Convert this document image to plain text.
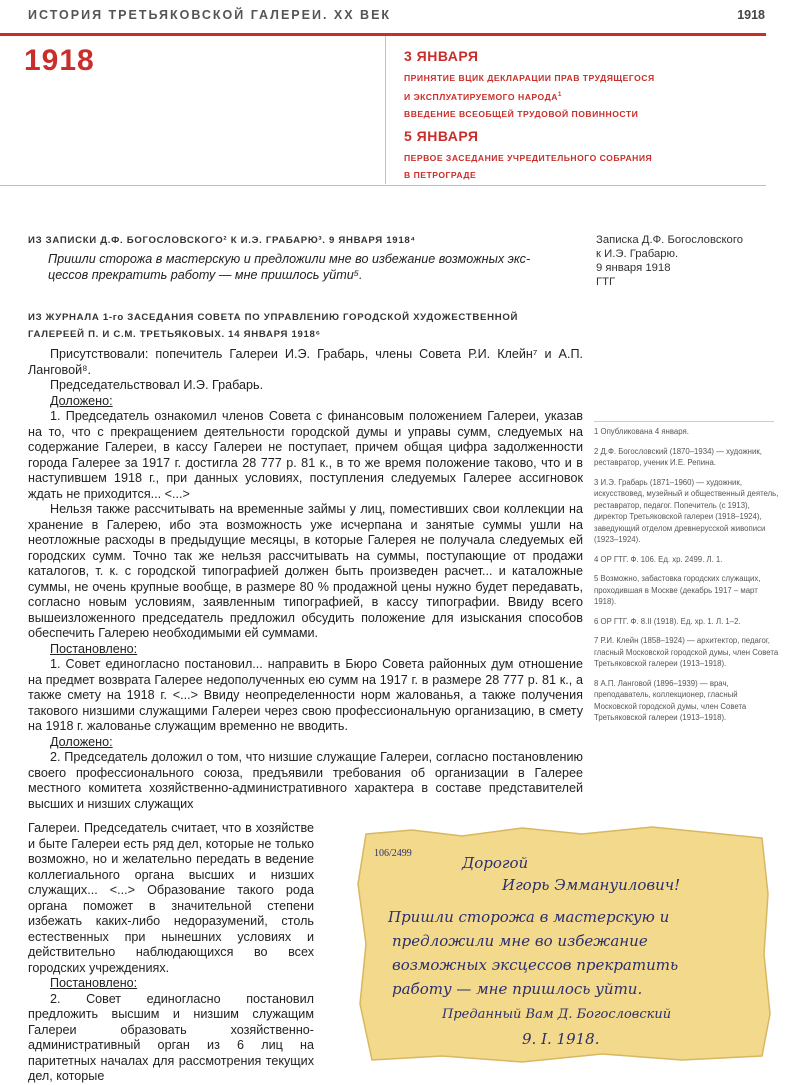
ИСТОРИЯ ТРЕТЬЯКОВСКОЙ ГАЛЕРЕИ. XX ВЕК	1918
1918	3 ЯНВАРЯ
ПРИНЯТИЕ ВЦИК ДЕКЛАРАЦИИ ПРАВ ТРУДЯЩЕГОСЯ
И ЭКСПЛУАТИРУЕМОГО НАРОДА$^1$
ВВЕДЕНИЕ ВСЕОБЩЕЙ ТРУДОВОЙ ПОВИННОСТИ
5 ЯНВАРЯ
ПЕРВОЕ ЗАСЕДАНИЕ УЧРЕДИТЕЛЬНОГО СОБРАНИЯ
В ПЕТРОГРАДЕ
ИЗ ЗАПИСКИ Д.Ф. БОГОСЛОВСКОГО² К И.Э. ГРАБАРЮ³. 9 ЯНВАРЯ 1918⁴
Пришли сторожа в мастерскую и предложили мне во избежание возможных экс-
цессов прекратить работу — мне пришлось уйти⁵.
Записка Д.Ф. Богословского
к И.Э. Грабарю.
9 января 1918
ГТГ
ИЗ ЖУРНАЛА 1-го ЗАСЕДАНИЯ СОВЕТА ПО УПРАВЛЕНИЮ ГОРОДСКОЙ ХУДОЖЕСТВЕННОЙ
ГАЛЕРЕЕЙ П. И С.М. ТРЕТЬЯКОВЫХ. 14 ЯНВАРЯ 1918⁶

Присутствовали: попечитель Галереи И.Э. Грабарь, члены Совета Р.И. Клейн⁷ и А.П. Ланговой⁸.

Председательствовал И.Э. Грабарь.

Доложено:

1. Председатель ознакомил членов Совета с финансовым положением Галереи, указав на то, что с прекращением деятельности городской думы и управы сумм, следуемых на содержание Галереи, в кассу Галереи не поступает, причем общая цифра задолженности города Галерее за 1917 г. достигла 28 777 р. 81 к., в то же время положение таково, что и в наступившем 1918 г., при данных условиях, поступления следуемых Галерее ассигновок ждать не приходится... <...>

Нельзя также рассчитывать на временные займы у лиц, поместивших свои коллекции на хранение в Галерею, ибо эта возможность уже исчерпана и занятые суммы ушли на неотложные расходы в предыдущие месяцы, в которые Галерея не получала следуемых ей городских сумм. Точно так же нельзя рассчитывать на суммы, поступающие от продажи каталогов, т. к. с городской типографией должен быть произведен расчет... и каталожные суммы, не очень крупные вообще, в размере 80 % продажной цены нужно будет передавать, согласно новым условиям, заявленным типографией, в кассу типографии. Ввиду всего вышеизложенного председатель предложил обсудить положение для изыскания способов обеспечить Галерею необходимыми ей суммами.

Постановлено:

1. Совет единогласно постановил... направить в Бюро Совета районных дум отношение на предмет возврата Галерее недополученных ею сумм на 1917 г. в размере 28 777 р. 81 к., а также смету на 1918 г. <...> Ввиду неопределенности норм жалованья, а также получения такового низшими служащими Галереи через свою профессиональную организацию, в смету на 1918 г. жалованье служащим временно не вводить.

Доложено:

2. Председатель доложил о том, что низшие служащие Галереи, согласно постановлению своего профессионального союза, предъявили требования об организации в Галерее местного комитета хозяйственно-административного характера в составе представителей высших и низших служащих

Галереи. Председатель считает, что в хозяйстве и быте Галереи есть ряд дел, которые не только возможно, но и желательно передать в ведение коллегиального органа высших и низших служащих... <...> Образование такого рода органа поможет в значительной степени избежать каких-либо недоразумений, столь естественных при нынешних условиях и действительно наблюдающихся во всех городских учреждениях.

Постановлено:

2. Совет единогласно постановил предложить высшим и низшим служащим Галереи образовать хозяйственно-административный орган из 6 лиц на паритетных началах для рассмотрения текущих дел, которые

1 Опубликована 4 января.
2 Д.Ф. Богословский (1870–1934) — художник, реставратор, ученик И.Е. Репина.
3 И.Э. Грабарь (1871–1960) — художник, искусствовед, музейный и общественный деятель, реставратор, педагог. Попечитель (с 1913), директор Третьяковской галереи (1918–1924), заведующий отделом древнерусской живописи (1923–1924).
4 ОР ГТГ. Ф. 106. Ед. хр. 2499. Л. 1.
5 Возможно, забастовка городских служащих, проходившая в Москве (декабрь 1917 – март 1918).
6 ОР ГТГ. Ф. 8.II (1918). Ед. хр. 1. Л. 1–2.
7 Р.И. Клейн (1858–1924) — архитектор, педагог, гласный Московской городской думы, член Совета Третьяковской галереи (1913–1918).
8 А.П. Ланговой (1896–1939) — врач, преподаватель, коллекционер, гласный Московской городской думы, член Совета Третьяковской галереи (1913–1918).
106/2499
Дорогой
Игорь Эммануилович!
Пришли сторожа в мастерскую и
предложили мне во избежание
возможных эксцессов прекратить
работу — мне пришлось уйти.
Преданный Вам Д. Богословский
9. I. 1918.
